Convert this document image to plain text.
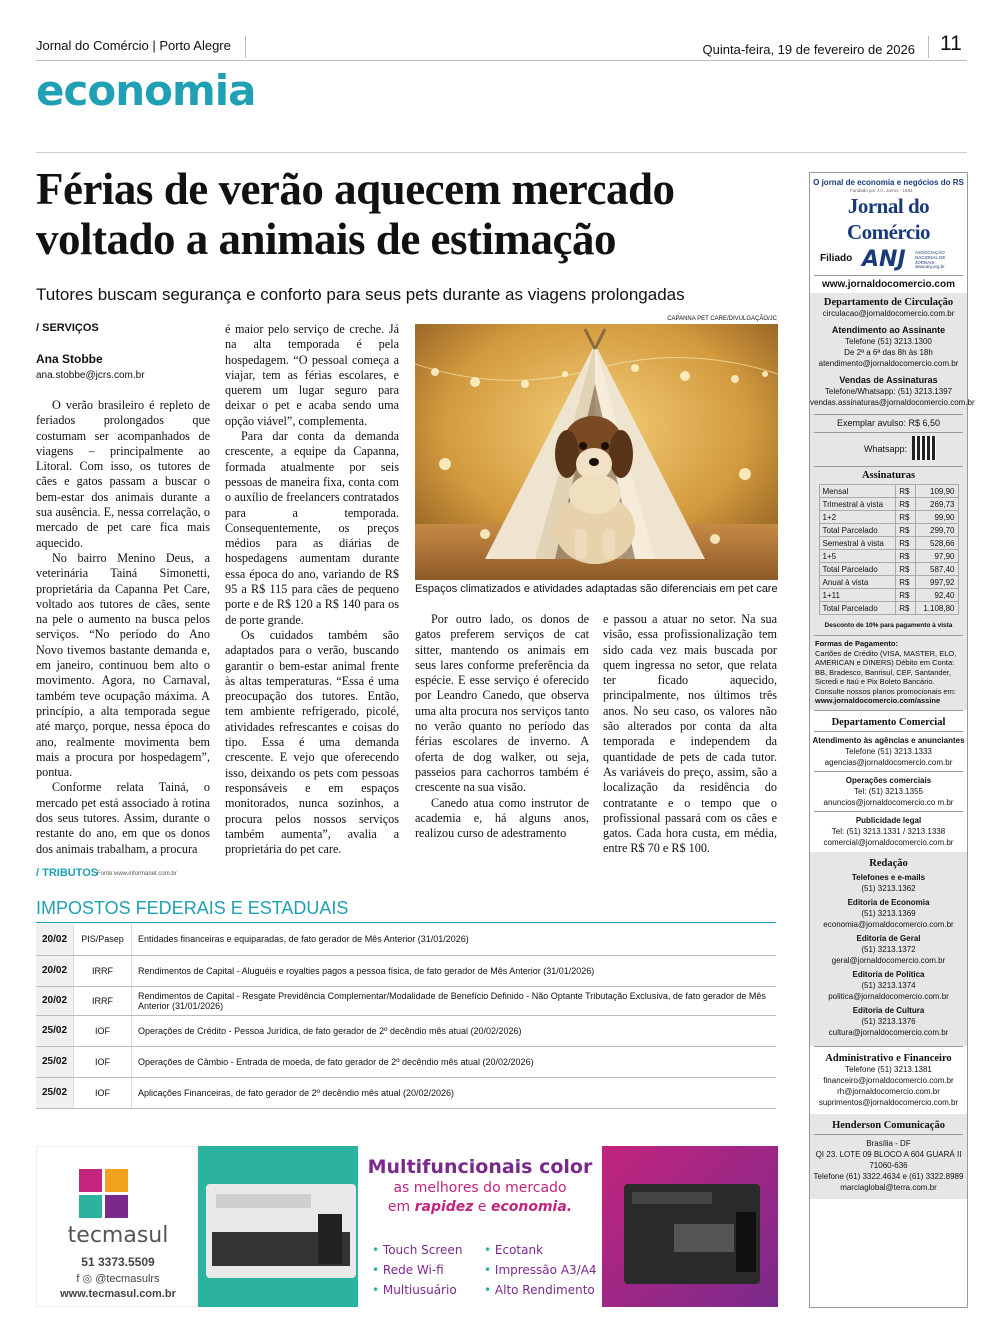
Jornal do Comércio | Porto Alegre	Quinta-feira, 19 de fevereiro de 2026 11
economia
Férias de verão aquecem mercado voltado a animais de estimação
Tutores buscam segurança e conforto para seus pets durante as viagens prolongadas
/ SERVIÇOS
Ana Stobbe
ana.stobbe@jcrs.com.br

O verão brasileiro é repleto de feriados prolongados que costumam ser acompanhados de viagens – principalmente ao Litoral. Com isso, os tutores de cães e gatos passam a buscar o bem-estar dos animais durante a sua ausência. E, nessa correlação, o mercado de pet care fica mais aquecido.

No bairro Menino Deus, a veterinária Tainá Simonetti, proprietária da Capanna Pet Care, voltado aos tutores de cães, sente na pele o aumento na busca pelos serviços. “No período do Ano Novo tivemos bastante demanda e, em janeiro, continuou bem alto o movimento. Agora, no Carnaval, também teve ocupação máxima. A princípio, a alta temporada segue até março, porque, nessa época do ano, realmente movimenta bem mais a procura por hospedagem”, pontua.

Conforme relata Tainá, o mercado pet está associado à rotina dos seus tutores. Assim, durante o restante do ano, em que os donos dos animais trabalham, a procura

é maior pelo serviço de creche. Já na alta temporada é pela hospedagem. “O pessoal começa a viajar, tem as férias escolares, e querem um lugar seguro para deixar o pet e acaba sendo uma opção viável”, complementa.

Para dar conta da demanda crescente, a equipe da Capanna, formada atualmente por seis pessoas de maneira fixa, conta com o auxílio de freelancers contratados para a temporada. Consequentemente, os preços médios para as diárias de hospedagens aumentam durante essa época do ano, variando de R$ 95 a R$ 115 para cães de pequeno porte e de R$ 120 a R$ 140 para os de porte grande.

Os cuidados também são adaptados para o verão, buscando garantir o bem-estar animal frente às altas temperaturas. “Essa é uma preocupação dos tutores. Então, tem ambiente refrigerado, picolé, atividades refrescantes e coisas do tipo. Essa é uma demanda crescente. E vejo que oferecendo isso, deixando os pets com pessoas responsáveis e em espaços monitorados, nunca sozinhos, a procura pelos nossos serviços também aumenta”, avalia a proprietária do pet care.

CAPANNA PET CARE/DIVULGAÇÃO/JC
Espaços climatizados e atividades adaptadas são diferenciais em pet care

Por outro lado, os donos de gatos preferem serviços de cat sitter, mantendo os animais em seus lares conforme preferência da espécie. E esse serviço é oferecido por Leandro Canedo, que observa uma alta procura nos serviços tanto no verão quanto no período das férias escolares de inverno. A oferta de dog walker, ou seja, passeios para cachorros também é crescente na sua visão.

Canedo atua como instrutor de academia e, há alguns anos, realizou curso de adestramento

e passou a atuar no setor. Na sua visão, essa profissionalização tem sido cada vez mais buscada por quem ingressa no setor, que relata ter ficado aquecido, principalmente, nos últimos três anos. No seu caso, os valores não são alterados por conta da alta temporada e independem da quantidade de pets de cada tutor. As variáveis do preço, assim, são a localização da residência do contratante e o tempo que o profissional passará com os cães e gatos. Cada hora custa, em média, entre R$ 70 e R$ 100.

/ TRIBUTOS
Fonte:www.informanet.com.br
IMPOSTOS FEDERAIS E ESTADUAIS
20/02	PIS/Pasep	Entidades financeiras e equiparadas, de fato gerador de Mês Anterior (31/01/2026)
20/02	IRRF	Rendimentos de Capital - Aluguéis e royalties pagos a pessoa física, de fato gerador de Mês Anterior (31/01/2026)
20/02	IRRF	Rendimentos de Capital - Resgate Previdência Complementar/Modalidade de Benefício Definido - Não Optante Tributação Exclusiva, de fato gerador de Mês Anterior (31/01/2026)
25/02	IOF	Operações de Crédito - Pessoa Jurídica, de fato gerador de 2º decêndio mês atual (20/02/2026)
25/02	IOF	Operações de Câmbio - Entrada de moeda, de fato gerador de 2º decêndio mês atual (20/02/2026)
25/02	IOF	Aplicações Financeiras, de fato gerador de 2º decêndio mês atual (20/02/2026)
tecmasul
51 3373.5509
f ◎ @tecmasulrs
www.tecmasul.com.br
Multifuncionais color
as melhores do mercado
em rapidez e economia.
• Touch Screen
• Rede Wi-fi
• Multiusuário
• Ecotank
• Impressão A3/A4
• Alto Rendimento
O jornal de economia e negócios do RS
Fundado por J.C. Jarros - 1933
Jornal do Comércio
Filiado ANJ ASSOCIAÇÃO NACIONAL DE JORNAIS
www.anj.org.br
www.jornaldocomercio.com
Departamento de Circulação
circulacao@jornaldocomercio.com.br
Atendimento ao Assinante
Telefone (51) 3213.1300
De 2ª a 6ª das 8h às 18h
atendimento@jornaldocomercio.com.br
Vendas de Assinaturas
Telefone/Whatsapp: (51) 3213.1397
vendas.assinaturas@jornaldocomercio.com.br
Exemplar avulso: R$ 6,50
Whatsapp:
Assinaturas
Mensal	R$	109,90
Trimestral à vista	R$	269,73
1+2	R$	99,90
Total Parcelado	R$	299,70
Semestral à vista	R$	528,66
1+5	R$	97,90
Total Parcelado	R$	587,40
Anual à vista	R$	997,92
1+11	R$	92,40
Total Parcelado	R$	1.108,80
Desconto de 10% para pagamento à vista
Formas de Pagamento:
Cartões de Crédito (VISA, MASTER, ELO, AMERICAN e DINERS) Débito em Conta: BB, Bradesco, Banrisul, CEF, Santander, Sicredi e Itaú e Pix Boleto Bancário.
Consulte nossos planos promocionais em:
www.jornaldocomercio.com/assine
Departamento Comercial
Atendimento às agências e anunciantes
Telefone (51) 3213.1333
agencias@jornaldocomercio.com.br
Operações comerciais
Tel: (51) 3213.1355
anuncios@jornaldocomercio.co m.br
Publicidade legal
Tel: (51) 3213.1331 / 3213.1338
comercial@jornaldocomercio.com.br
Redação
Telefones e e-mails
(51) 3213.1362
Editoria de Economia
(51) 3213.1369
economia@jornaldocomercio.com.br
Editoria de Geral
(51) 3213.1372
geral@jornaldocomercio.com.br
Editoria de Política
(51) 3213.1374
politica@jornaldocomercio.com.br
Editoria de Cultura
(51) 3213.1376
cultura@jornaldocomercio.com.br
Administrativo e Financeiro
Telefone (51) 3213.1381
financeiro@jornaldocomercio.com.br
rh@jornaldocomercio.com.br
suprimentos@jornaldocomercio.com.br
Henderson Comunicação
Brasília - DF
QI 23. LOTE 09 BLOCO A 604 GUARÁ II
71060-636
Telefone (61) 3322.4634 e (61) 3322.8989
marciaglobal@terra.com.br
